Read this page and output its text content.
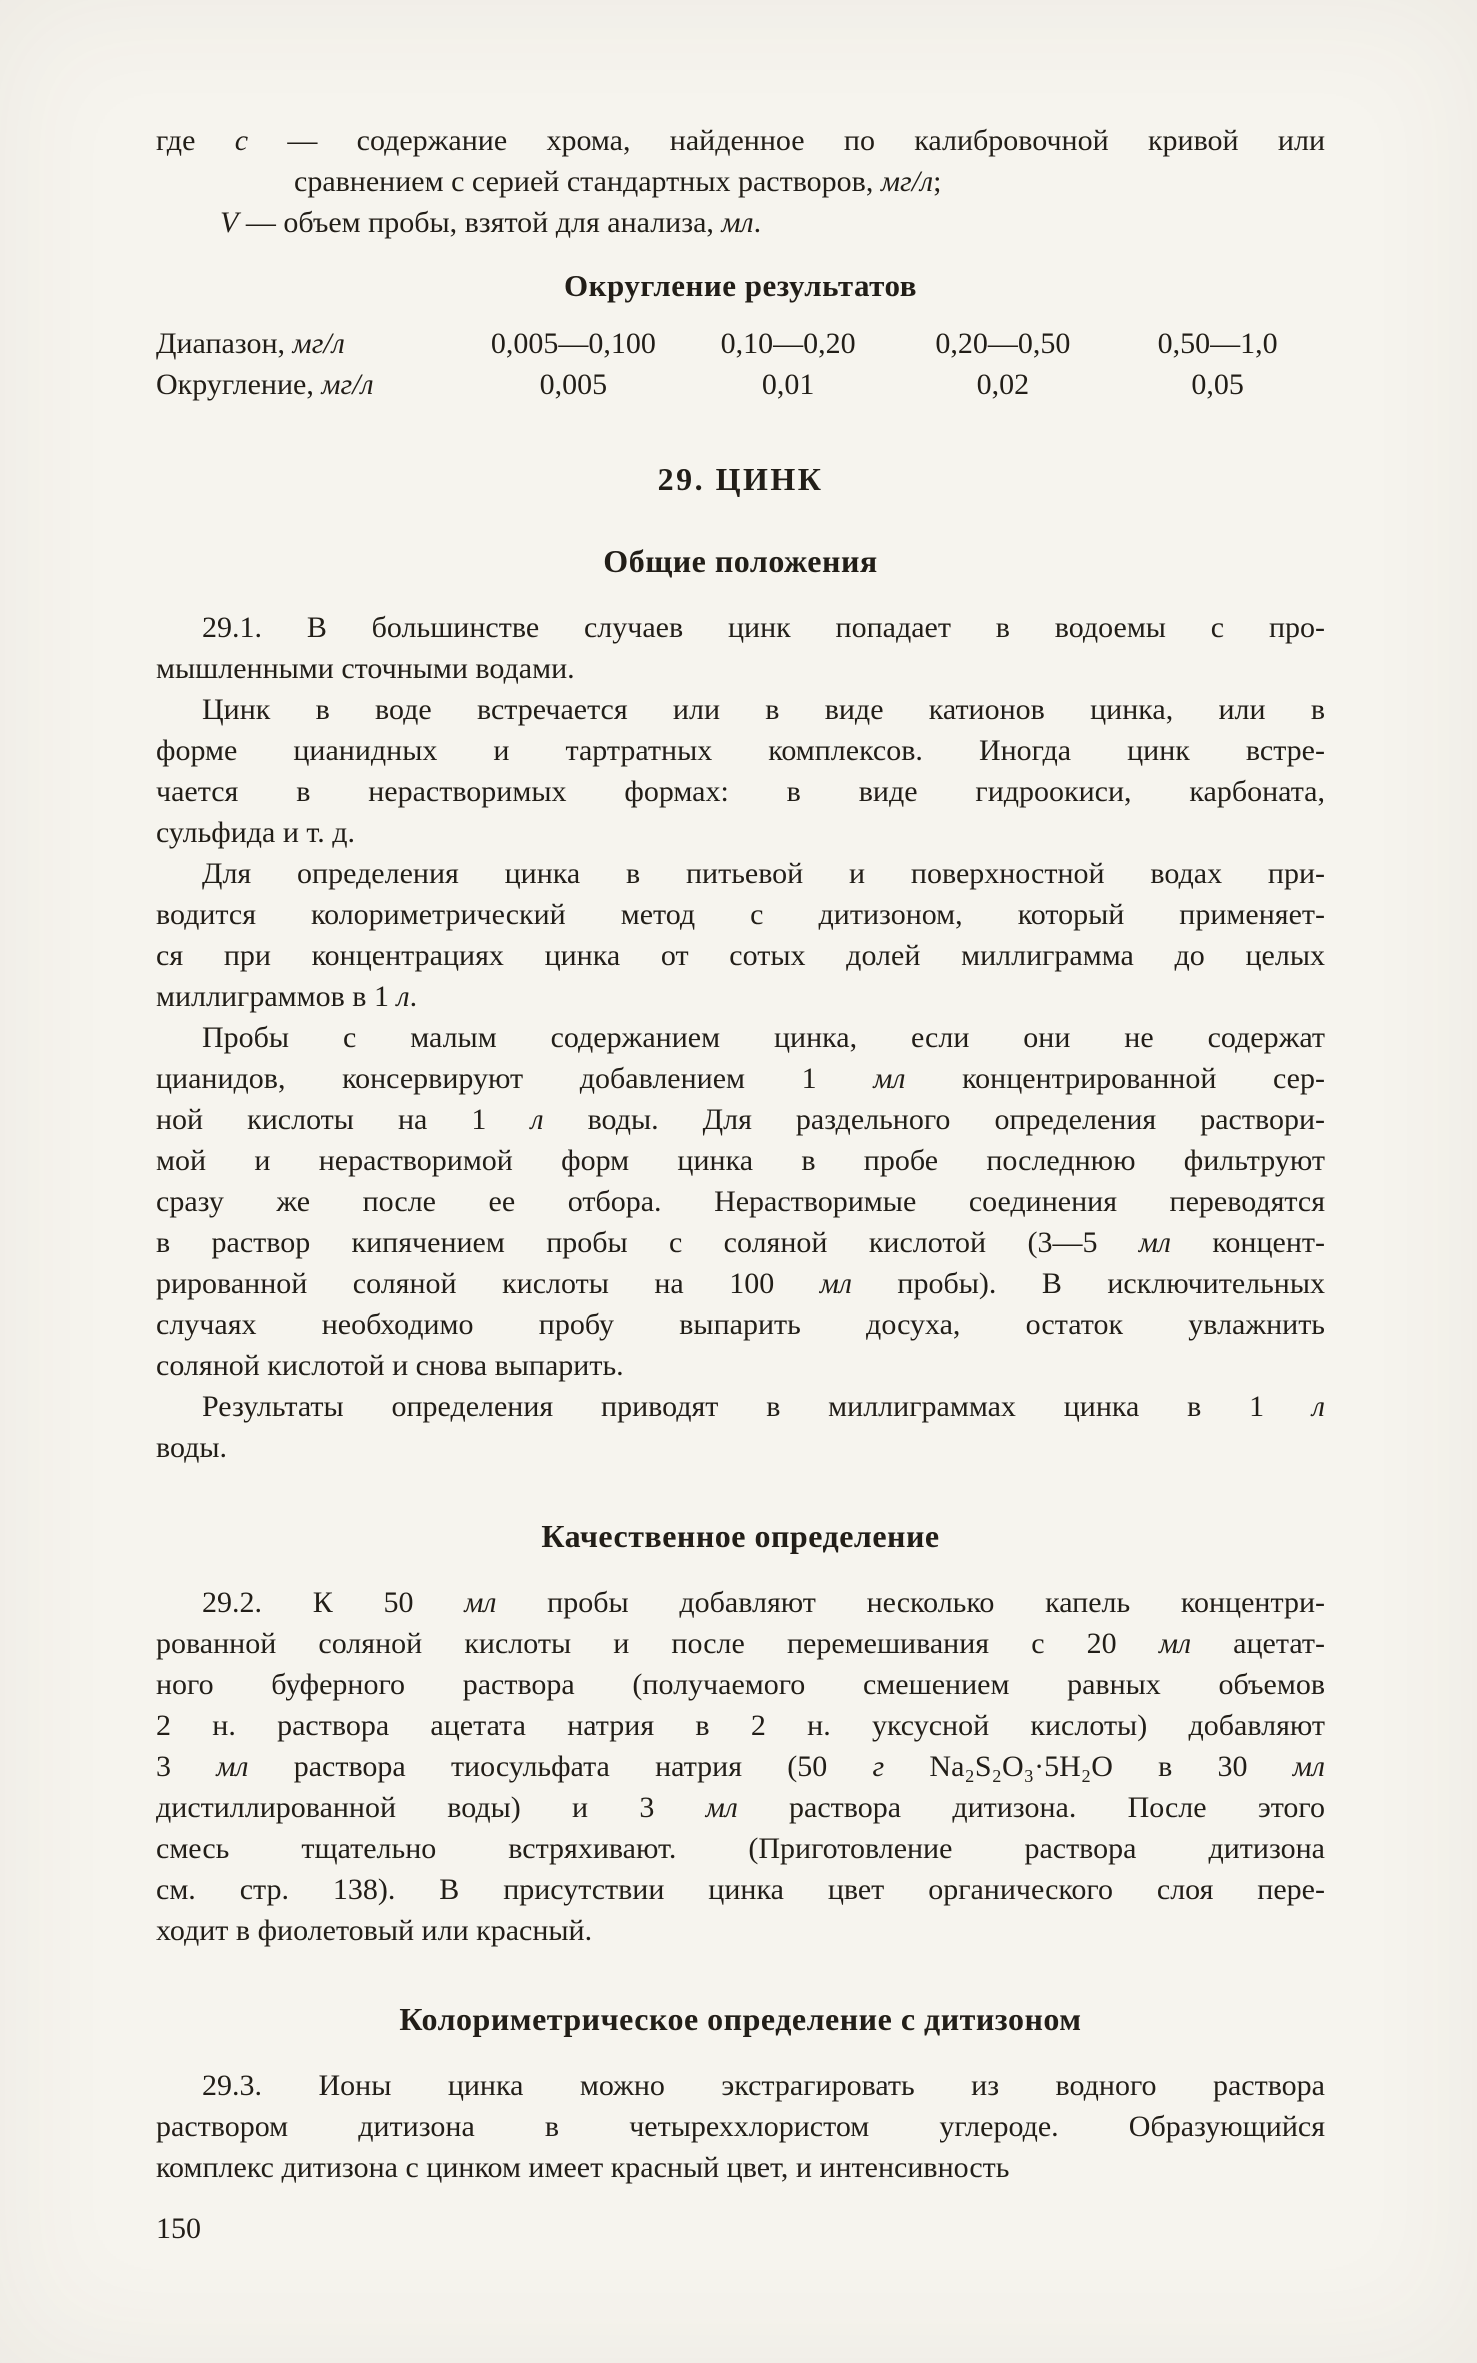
где с — содержание хрома, найденное по калибровочной кривой или
сравнением с серией стандартных растворов, мг/л;
V — объем пробы, взятой для анализа, мл.
Округление результатов
Диапазон, мг/л	0,005—0,100	0,10—0,20	0,20—0,50	0,50—1,0
Округление, мг/л	0,005	0,01	0,02	0,05
29. ЦИНК
Общие положения
29.1. В большинстве случаев цинк попадает в водоемы с про-
мышленными сточными водами.
Цинк в воде встречается или в виде катионов цинка, или в
форме цианидных и тартратных комплексов. Иногда цинк встре-
чается в нерастворимых формах: в виде гидроокиси, карбоната,
сульфида и т. д.
Для определения цинка в питьевой и поверхностной водах при-
водится колориметрический метод с дитизоном, который применяет-
ся при концентрациях цинка от сотых долей миллиграмма до целых
миллиграммов в 1 л.
Пробы с малым содержанием цинка, если они не содержат
цианидов, консервируют добавлением 1 мл концентрированной сер-
ной кислоты на 1 л воды. Для раздельного определения раствори-
мой и нерастворимой форм цинка в пробе последнюю фильтруют
сразу же после ее отбора. Нерастворимые соединения переводятся
в раствор кипячением пробы с соляной кислотой (3—5 мл концент-
рированной соляной кислоты на 100 мл пробы). В исключительных
случаях необходимо пробу выпарить досуха, остаток увлажнить
соляной кислотой и снова выпарить.
Результаты определения приводят в миллиграммах цинка в 1 л
воды.
Качественное определение
29.2. К 50 мл пробы добавляют несколько капель концентри-
рованной соляной кислоты и после перемешивания с 20 мл ацетат-
ного буферного раствора (получаемого смешением равных объемов
2 н. раствора ацетата натрия в 2 н. уксусной кислоты) добавляют
3 мл раствора тиосульфата натрия (50 г Na₂S₂O₃·5H₂O в 30 мл
дистиллированной воды) и 3 мл раствора дитизона. После этого
смесь тщательно встряхивают. (Приготовление раствора дитизона
см. стр. 138). В присутствии цинка цвет органического слоя пере-
ходит в фиолетовый или красный.
Колориметрическое определение с дитизоном
29.3. Ионы цинка можно экстрагировать из водного раствора
раствором дитизона в четыреххлористом углероде. Образующийся
комплекс дитизона с цинком имеет красный цвет, и интенсивность
150
